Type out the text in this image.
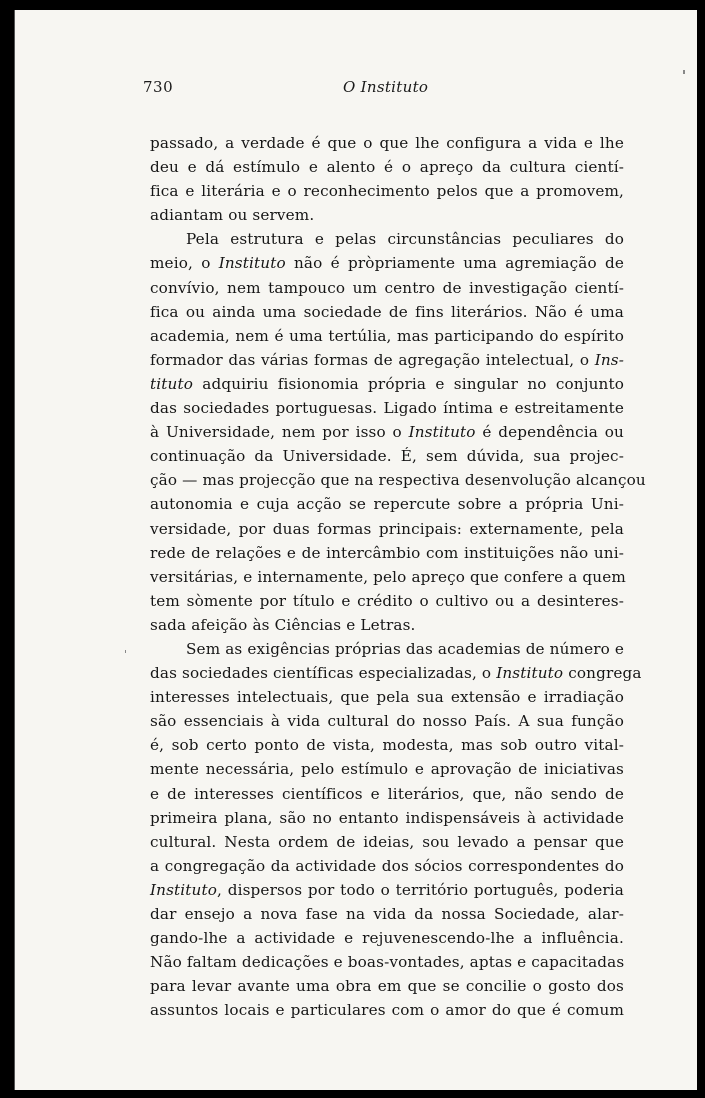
730	O Instituto
passado, a verdade é que o que lhe configura a vida e lhe
deu e dá estímulo e alento é o apreço da cultura cientí-
fica e literária e o reconhecimento pelos que a promovem,
adiantam ou servem.
Pela estrutura e pelas circunstâncias peculiares do
meio, o Instituto não é pròpriamente uma agremiação de
convívio, nem tampouco um centro de investigação cientí-
fica ou ainda uma sociedade de fins literários. Não é uma
academia, nem é uma tertúlia, mas participando do espírito
formador das várias formas de agregação intelectual, o Ins-
tituto adquiriu fisionomia própria e singular no conjunto
das sociedades portuguesas. Ligado íntima e estreitamente
à Universidade, nem por isso o Instituto é dependência ou
continuação da Universidade. É, sem dúvida, sua projec-
ção — mas projecção que na respectiva desenvolução alcançou
autonomia e cuja acção se repercute sobre a própria Uni-
versidade, por duas formas principais: externamente, pela
rede de relações e de intercâmbio com instituições não uni-
versitárias, e internamente, pelo apreço que confere a quem
tem sòmente por título e crédito o cultivo ou a desinteres-
sada afeição às Ciências e Letras.
Sem as exigências próprias das academias de número e
das sociedades científicas especializadas, o Instituto congrega
interesses intelectuais, que pela sua extensão e irradiação
são essenciais à vida cultural do nosso País. A sua função
é, sob certo ponto de vista, modesta, mas sob outro vital-
mente necessária, pelo estímulo e aprovação de iniciativas
e de interesses científicos e literários, que, não sendo de
primeira plana, são no entanto indispensáveis à actividade
cultural. Nesta ordem de ideias, sou levado a pensar que
a congregação da actividade dos sócios correspondentes do
Instituto, dispersos por todo o território português, poderia
dar ensejo a nova fase na vida da nossa Sociedade, alar-
gando-lhe a actividade e rejuvenescendo-lhe a influência.
Não faltam dedicações e boas-vontades, aptas e capacitadas
para levar avante uma obra em que se concilie o gosto dos
assuntos locais e particulares com o amor do que é comum
